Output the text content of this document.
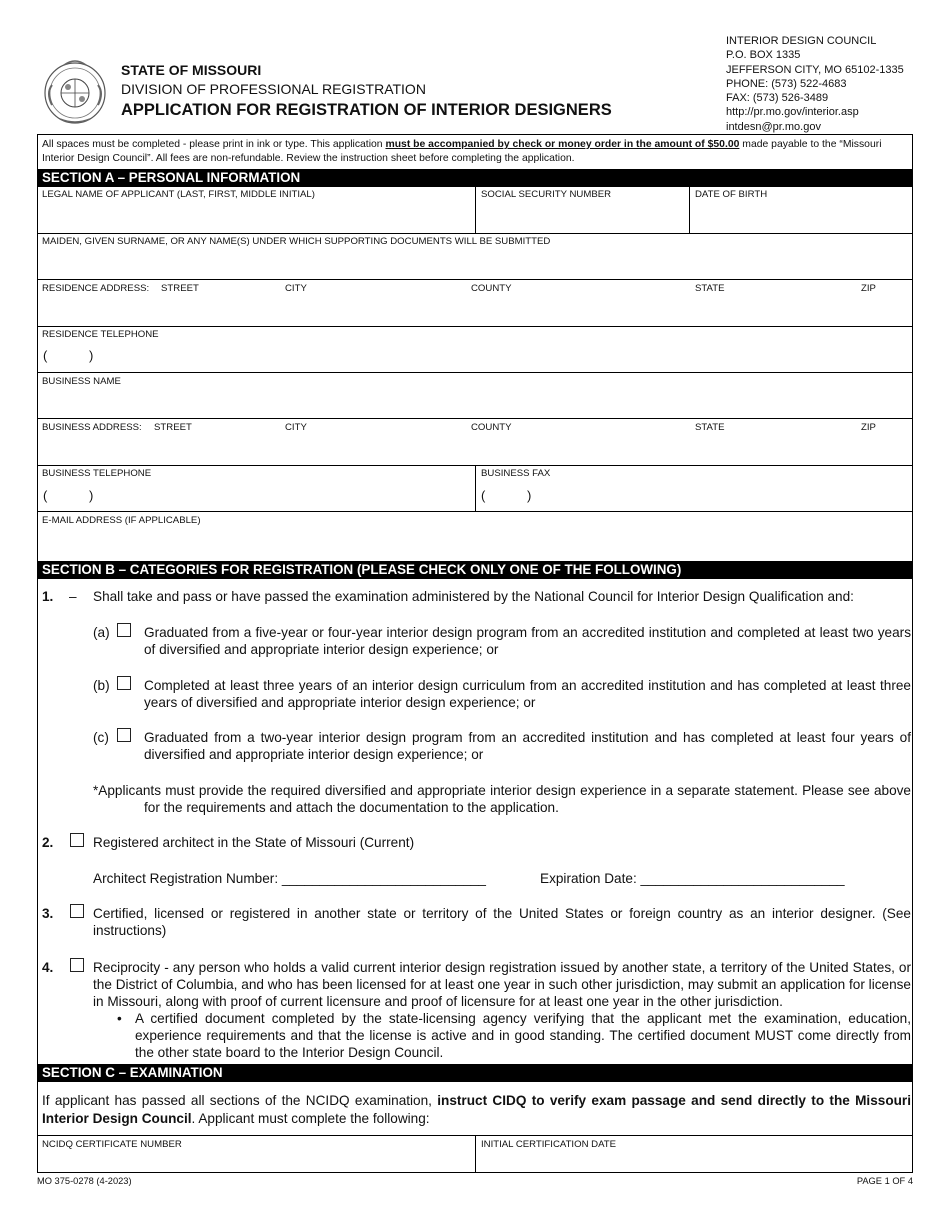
STATE OF MISSOURI
DIVISION OF PROFESSIONAL REGISTRATION
APPLICATION FOR REGISTRATION OF INTERIOR DESIGNERS
INTERIOR DESIGN COUNCIL
P.O. BOX 1335
JEFFERSON CITY, MO 65102-1335
PHONE: (573) 522-4683
FAX: (573) 526-3489
http://pr.mo.gov/interior.asp
intdesn@pr.mo.gov
All spaces must be completed - please print in ink or type. This application must be accompanied by check or money order in the amount of $50.00 made payable to the “Missouri Interior Design Council”. All fees are non-refundable. Review the instruction sheet before completing the application.
SECTION A – PERSONAL INFORMATION
LEGAL NAME OF APPLICANT (LAST, FIRST, MIDDLE INITIAL)	SOCIAL SECURITY NUMBER	DATE OF BIRTH
MAIDEN, GIVEN SURNAME, OR ANY NAME(S) UNDER WHICH SUPPORTING DOCUMENTS WILL BE SUBMITTED
RESIDENCE ADDRESS: STREET	CITY	COUNTY	STATE	ZIP
RESIDENCE TELEPHONE
(	)
BUSINESS NAME
BUSINESS ADDRESS: STREET	CITY	COUNTY	STATE	ZIP
BUSINESS TELEPHONE
(	)
BUSINESS FAX
(	)
E-MAIL ADDRESS (IF APPLICABLE)
SECTION B – CATEGORIES FOR REGISTRATION (PLEASE CHECK ONLY ONE OF THE FOLLOWING)
1. – Shall take and pass or have passed the examination administered by the National Council for Interior Design Qualification and:
(a)	Graduated from a five-year or four-year interior design program from an accredited institution and completed at least two years of diversified and appropriate interior design experience; or
(b)	Completed at least three years of an interior design curriculum from an accredited institution and has completed at least three years of diversified and appropriate interior design experience; or
(c)	Graduated from a two-year interior design program from an accredited institution and has completed at least four years of diversified and appropriate interior design experience; or
*Applicants must provide the required diversified and appropriate interior design experience in a separate statement. Please see above for the requirements and attach the documentation to the application.
2.	Registered architect in the State of Missouri (Current)
Architect Registration Number: ___________________________	Expiration Date: ___________________________
3.	Certified, licensed or registered in another state or territory of the United States or foreign country as an interior designer. (See instructions)
4.	Reciprocity - any person who holds a valid current interior design registration issued by another state, a territory of the United States, or the District of Columbia, and who has been licensed for at least one year in such other jurisdiction, may submit an application for license in Missouri, along with proof of current licensure and proof of licensure for at least one year in the other jurisdiction.
• A certified document completed by the state-licensing agency verifying that the applicant met the examination, education, experience requirements and that the license is active and in good standing. The certified document MUST come directly from the other state board to the Interior Design Council.
SECTION C – EXAMINATION
If applicant has passed all sections of the NCIDQ examination, instruct CIDQ to verify exam passage and send directly to the Missouri Interior Design Council. Applicant must complete the following:
NCIDQ CERTIFICATE NUMBER	INITIAL CERTIFICATION DATE
MO 375-0278 (4-2023)	PAGE 1 OF 4
